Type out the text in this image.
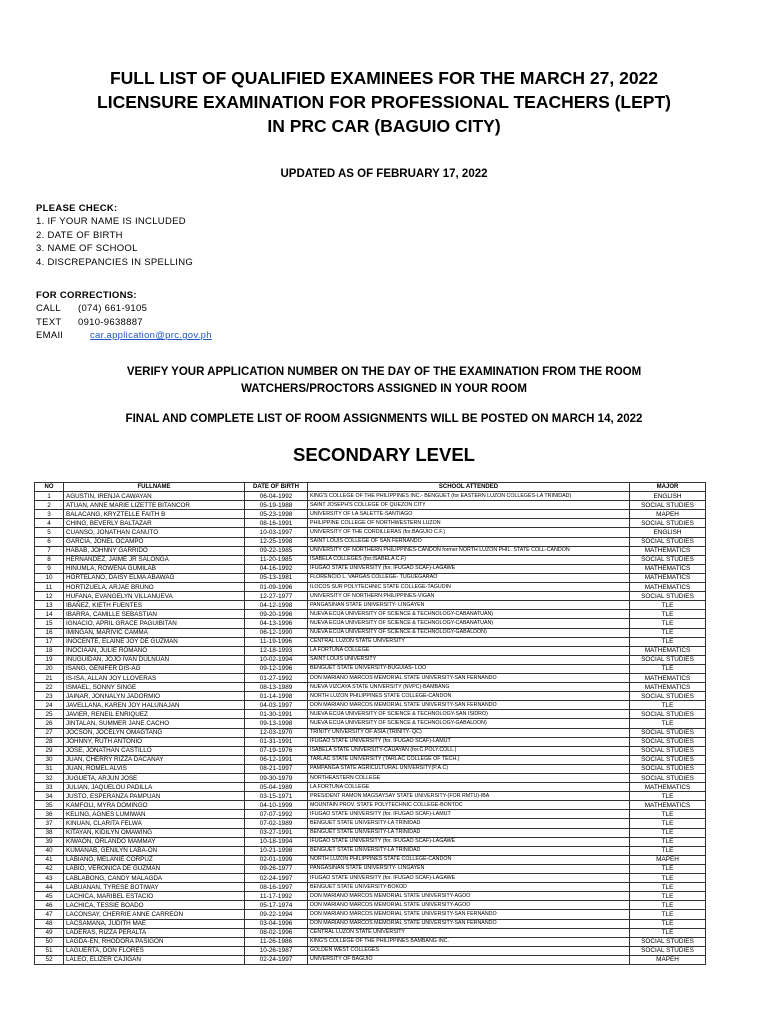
FULL LIST OF QUALIFIED EXAMINEES FOR THE MARCH 27, 2022
LICENSURE EXAMINATION FOR PROFESSIONAL TEACHERS (LEPT)
IN PRC CAR (BAGUIO CITY)
UPDATED AS OF FEBRUARY 17, 2022
PLEASE CHECK:
1. IF YOUR NAME IS INCLUDED
2. DATE OF BIRTH
3. NAME OF SCHOOL
4. DISCREPANCIES IN SPELLING
FOR CORRECTIONS:
CALL	(074) 661-9105
TEXT	0910-9638887
EMAIl	car.application@prc.gov.ph
VERIFY YOUR APPLICATION NUMBER ON THE DAY OF THE EXAMINATION FROM THE ROOM
WATCHERS/PROCTORS ASSIGNED IN YOUR ROOM
FINAL AND COMPLETE LIST OF ROOM ASSIGNMENTS WILL BE POSTED ON MARCH 14, 2022
SECONDARY LEVEL
NO	FULLNAME	DATE OF BIRTH	SCHOOL ATTENDED	MAJOR
1	AGUSTIN, IRENJA CAWAYAN	06-04-1992	KING'S COLLEGE OF THE PHILIPPINES INC.- BENGUET (for EASTERN LUZON COLLEGES-LA TRINIDAD)	ENGLISH
2	ATUAN, ANNE MARIE LIZETTE BITANCOR	05-19-1988	SAINT JOSEPH'S COLLEGE OF QUEZON CITY	SOCIAL STUDIES
3	BALACANG, KRYZTELLE FAITH B	05-23-1998	UNIVERSITY OF LA SALETTE-SANTIAGO	MAPEH
4	CHING, BEVERLY BALTAZAR	08-16-1991	PHILIPPINE COLLEGE OF NORTHWESTERN LUZON	SOCIAL STUDIES
5	CUANSO, JONATHAN CANUTO	10-03-1997	UNIVERSITY OF THE CORDILLERAS (for.BAGUIO C.F.)	ENGLISH
6	GARCIA, JONEL OCAMPO	12-25-1998	SAINT LOUIS COLLEGE OF SAN FERNANDO	SOCIAL STUDIES
7	HABAB, JOHNNY GARRIDO	09-22-1985	UNIVERSITY OF NORTHERN PHILIPPINES-CANDON former NORTH LUZON PHIL. STATE COLL-CANDON	MATHEMATICS
8	HERNANDEZ, JAIME JR SALONGA	11-20-1985	ISABELA COLLEGES (for.ISABELA C.F)	SOCIAL STUDIES
9	HINUMLA, ROWENA GUMILAB	04-16-1992	IFUGAO STATE UNIVERSITY (for. IFUGAO SCAF)-LAGAWE	MATHEMATICS
10	HORTELANO, DAISY ELMA ABAWAG	05-13-1981	FLORENCIO L. VARGAS COLLEGE- TUGUEGARAO	MATHEMATICS
11	HORTIZUELA, ARJAE BRUNO	01-09-1996	ILOCOS SUR POLYTECHNIC STATE COLLEGE-TAGUDIN	MATHEMATICS
12	HUFANA, EVANGELYN VILLANUEVA	12-27-1977	UNIVERSITY OF NORTHERN PHILIPPINES-VIGAN	SOCIAL STUDIES
13	IBAÑEZ, KIETH FUENTES	04-12-1998	PANGASINAN STATE UNIVERSITY- LINGAYEN	TLE
14	IBARRA, CAMILLE SEBASTIAN	09-20-1996	NUEVA ECIJA UNIVERSITY OF SCIENCE & TECHNOLOGY-CABANATUAN)	TLE
15	IGNACIO, APRIL GRACE PAGUIBITAN	04-13-1996	NUEVA ECIJA UNIVERSITY OF SCIENCE & TECHNOLOGY-CABANATUAN)	TLE
16	IMINGAN, MARIVIC CAMMA	06-12-1990	NUEVA ECIJA UNIVERSITY OF SCIENCE & TECHNOLOGY-GABALDON)	TLE
17	INOCENTE, ELAINE JOY DE GUZMAN	11-19-1996	CENTRAL LUZON STATE UNIVERSITY	TLE
18	INOCIAAN, JULIE ROMANO	12-18-1993	LA FORTUNA COLLEGE	MATHEMATICS
19	INUGUIDAN, JOJO IVAN DULNUAN	10-02-1994	SAINT LOUIS UNIVERSITY	SOCIAL STUDIES
20	ISANG, GENIFER DIS-AG	09-12-1996	BENGUET STATE UNIVERSITY-BUGUIAS- LOO	TLE
21	IS-ISA, ALLAN JOY LLOVERAS	01-27-1992	DON MARIANO MARCOS MEMORIAL STATE UNIVERSITY-SAN FERNANDO	MATHEMATICS
22	ISMAEL, SONNY SINGE	08-13-1989	NUEVA VIZCAYA STATE UNIVERSITY (NVPC)-BAMBANG	MATHEMATICS
23	JAINAR, JONNALYN JADORMIO	01-14-1998	NORTH LUZON PHILIPPINES STATE COLLEGE-CANDON	SOCIAL STUDIES
24	JAVELLANA, KAREN JOY HALUNAJAN	04-03-1997	DON MARIANO MARCOS MEMORIAL STATE UNIVERSITY-SAN FERNANDO	TLE
25	JAVIER, RENEIL ENRIQUEZ	01-30-1991	NUEVA ECIJA UNIVERSITY OF SCIENCE & TECHNOLOGY-SAN ISIDRO)	SOCIAL STUDIES
26	JINTALAN, SUMMER JANE CACHO	09-13-1998	NUEVA ECIJA UNIVERSITY OF SCIENCE & TECHNOLOGY-GABALDON)	TLE
27	JOCSON, JOCELYN OMAGTANG	12-03-1970	TRINITY UNIVERSITY OF ASIA (TRINITY- QC)	SOCIAL STUDIES
28	JOHNNY, RUTH ANTONIO	01-31-1991	IFUGAO STATE UNIVERSITY (for. IFUGAO SCAF)-LAMUT	SOCIAL STUDIES
29	JOSE, JONATHAN CASTILLO	07-19-1976	ISABELA STATE UNIVERSITY-CAUAYAN (for.C.POLY.COLL.)	SOCIAL STUDIES
30	JUAN, CHERRY RIZZA DACANAY	06-12-1991	TARLAC STATE UNIVERSITY (TARLAC COLLEGE OF TECH.)	SOCIAL STUDIES
31	JUAN, ROMEL ALVIS	08-21-1997	PAMPANGA STATE AGRICULTURAL UNIVERSITY(P.A.C)	SOCIAL STUDIES
32	JUGUETA, ARJUN JOSE	09-30-1979	NORTHEASTERN COLLEGE	SOCIAL STUDIES
33	JULIAN, JAQUELOU PADILLA	05-04-1989	LA FORTUNA COLLEGE	MATHEMATICS
34	JUSTO, ESPERANZA PAMPUAN	03-15-1971	PRESIDENT RAMON MAGSAYSAY STATE UNIVERSITY-(FOR RMTU)-IBA	TLE
35	KAMFOLI, MYRA DOMINGO	04-10-1999	MOUNTAIN PROV. STATE POLYTECHNIC COLLEGE-BONTOC	MATHEMATICS
36	KELING, AGNES LUMIWAN	07-07-1992	IFUGAO STATE UNIVERSITY (for. IFUGAO SCAF)-LAMUT	TLE
37	KINUAN, CLARITA FELWA	07-02-1989	BENGUET STATE UNIVERSITY-LA TRINIDAD	TLE
38	KITAYAN, KIDILYN OMAWING	03-27-1991	BENGUET STATE UNIVERSITY-LA TRINIDAD	TLE
39	KIWAON, ORLANDO MAMMAY	10-18-1994	IFUGAO STATE UNIVERSITY (for. IFUGAO SCAF)-LAGAWE	TLE
40	KUMANAB, GENILYN LABA-ON	10-21-1998	BENGUET STATE UNIVERSITY-LA TRINIDAD	TLE
41	LABIANO, MELANIE CORPUZ	02-01-1999	NORTH LUZON PHILIPPINES STATE COLLEGE-CANDON	MAPEH
42	LABIO, VERONICA DE GUZMAN	09-26-1977	PANGASINAN STATE UNIVERSITY- LINGAYEN	TLE
43	LABLABONG, CANDY MALAGDA	02-24-1997	IFUGAO STATE UNIVERSITY (for. IFUGAO SCAF)-LAGAWE	TLE
44	LABUANAN, TYRESE BOTIWAY	08-16-1997	BENGUET STATE UNIVERSITY-BOKOD	TLE
45	LACHICA, MARIBEL ESTACIO	11-17-1992	DON MARIANO MARCOS MEMORIAL STATE UNIVERSITY-AGOO	TLE
46	LACHICA, TESSIE BOADO	05-17-1974	DON MARIANO MARCOS MEMORIAL STATE UNIVERSITY-AGOO	TLE
47	LACONSAY, CHERRIE ANNE CARREON	09-22-1994	DON MARIANO MARCOS MEMORIAL STATE UNIVERSITY-SAN FERNANDO	TLE
48	LACSAMANA, JUDITH MAE	03-04-1996	DON MARIANO MARCOS MEMORIAL STATE UNIVERSITY-SAN FERNANDO	TLE
49	LADERAS, RIZZA PERALTA	08-02-1996	CENTRAL LUZON STATE UNIVERSITY	TLE
50	LAGDA-EN, RHODORA PASIGON	11-26-1986	KING'S COLLEGE OF THE PHILIPPINES BAMBANG INC.	SOCIAL STUDIES
51	LAGUERTA, DON FLORES	10-26-1987	GOLDEN WEST COLLEGES	SOCIAL STUDIES
52	LALEO, ELIZER CAJIGAN	02-24-1997	UNIVERSITY OF BAGUIO	MAPEH
